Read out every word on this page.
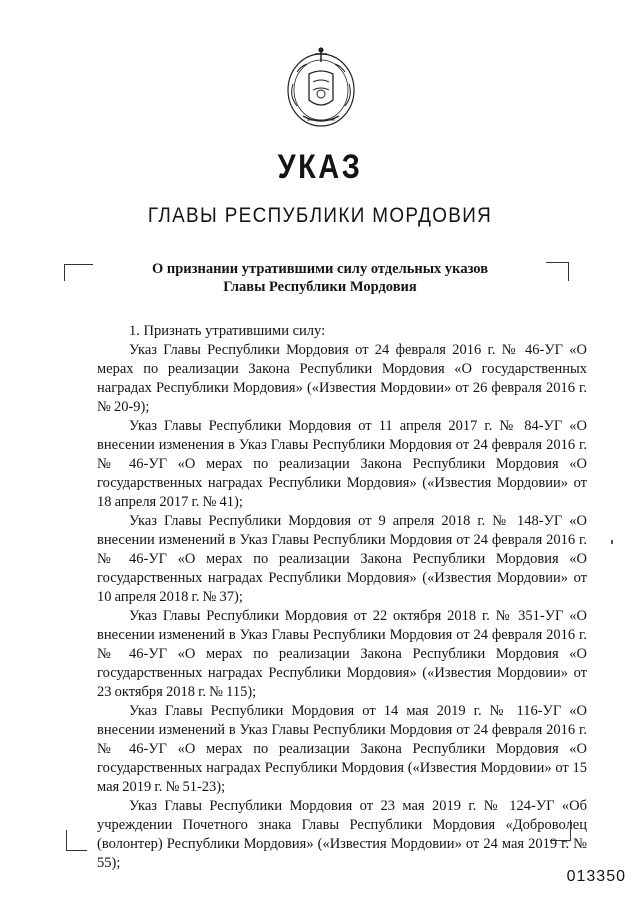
УКАЗ
ГЛАВЫ РЕСПУБЛИКИ МОРДОВИЯ
О признании утратившими силу отдельных указов
Главы Республики Мордовия

1. Признать утратившими силу:

Указ Главы Республики Мордовия от 24 февраля 2016 г. № 46-УГ «О мерах по реализации Закона Республики Мордовия «О государственных наградах Республики Мордовия» («Известия Мордовии» от 26 февраля 2016 г. № 20-9);

Указ Главы Республики Мордовия от 11 апреля 2017 г. № 84-УГ «О внесении изменения в Указ Главы Республики Мордовия от 24 февраля 2016 г. № 46-УГ «О мерах по реализации Закона Республики Мордовия «О государственных наградах Республики Мордовия» («Известия Мордовии» от 18 апреля 2017 г. № 41);

Указ Главы Республики Мордовия от 9 апреля 2018 г. № 148-УГ «О внесении изменений в Указ Главы Республики Мордовия от 24 февраля 2016 г. № 46-УГ «О мерах по реализации Закона Республики Мордовия «О государственных наградах Республики Мордовия» («Известия Мордовии» от 10 апреля 2018 г. № 37);

Указ Главы Республики Мордовия от 22 октября 2018 г. № 351-УГ «О внесении изменений в Указ Главы Республики Мордовия от 24 февраля 2016 г. № 46-УГ «О мерах по реализации Закона Республики Мордовия «О государственных наградах Республики Мордовия» («Известия Мордовии» от 23 октября 2018 г. № 115);

Указ Главы Республики Мордовия от 14 мая 2019 г. № 116-УГ «О внесении изменений в Указ Главы Республики Мордовия от 24 февраля 2016 г. № 46-УГ «О мерах по реализации Закона Республики Мордовия «О государственных наградах Республики Мордовия («Известия Мордовии» от 15 мая 2019 г. № 51-23);

Указ Главы Республики Мордовия от 23 мая 2019 г. № 124-УГ «Об учреждении Почетного знака Главы Республики Мордовия «Доброволец (волонтер) Республики Мордовия» («Известия Мордовии» от 24 мая 2019 г. № 55);

013350
